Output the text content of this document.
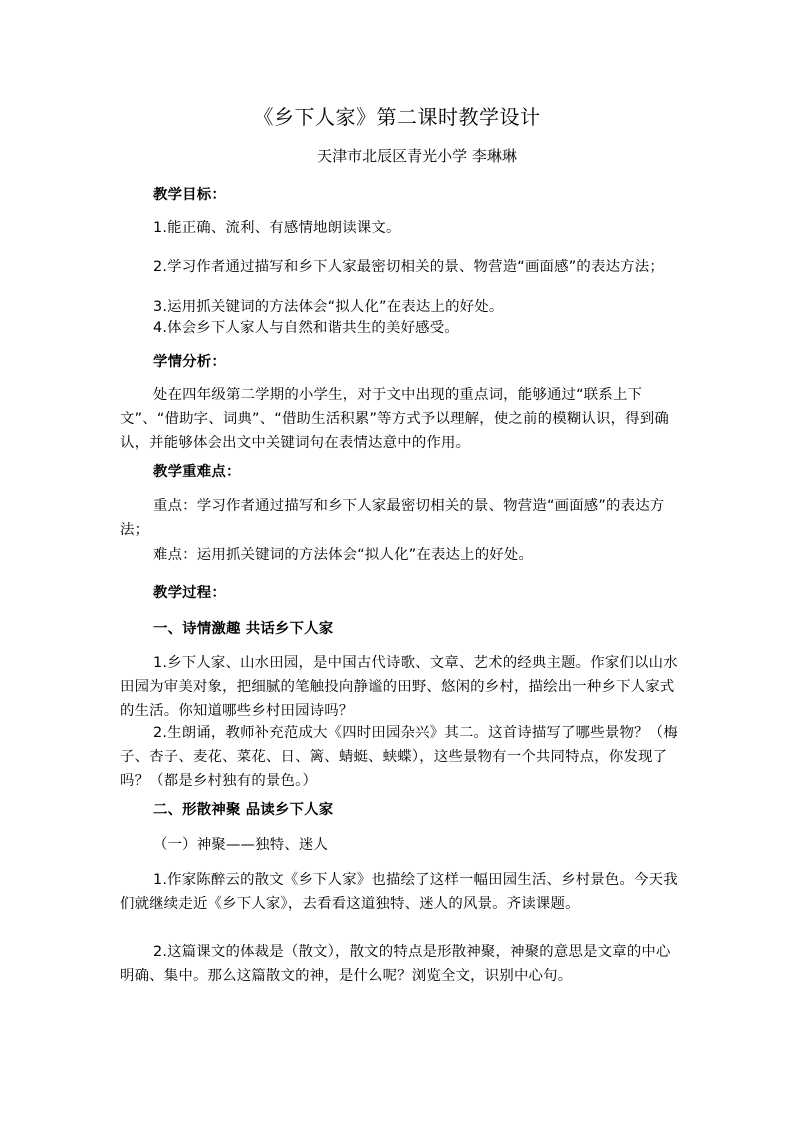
《乡下人家》第二课时教学设计
天津市北辰区青光小学 李琳琳
教学目标：
1.能正确、流利、有感情地朗读课文。
2.学习作者通过描写和乡下人家最密切相关的景、物营造“画面感”的表达方法；
3.运用抓关键词的方法体会“拟人化”在表达上的好处。
4.体会乡下人家人与自然和谐共生的美好感受。
学情分析：
处在四年级第二学期的小学生，对于文中出现的重点词，能够通过“联系上下文”、“借助字、词典”、“借助生活积累”等方式予以理解，使之前的模糊认识，得到确认，并能够体会出文中关键词句在表情达意中的作用。
教学重难点：
重点：学习作者通过描写和乡下人家最密切相关的景、物营造“画面感”的表达方法；
难点：运用抓关键词的方法体会“拟人化”在表达上的好处。
教学过程：
一、诗情激趣 共话乡下人家
1.乡下人家、山水田园，是中国古代诗歌、文章、艺术的经典主题。作家们以山水田园为审美对象，把细腻的笔触投向静谧的田野、悠闲的乡村，描绘出一种乡下人家式的生活。你知道哪些乡村田园诗吗？
2.生朗诵，教师补充范成大《四时田园杂兴》其二。这首诗描写了哪些景物？（梅子、杏子、麦花、菜花、日、篱、蜻蜓、蛱蝶），这些景物有一个共同特点，你发现了吗？（都是乡村独有的景色。）
二、形散神聚 品读乡下人家
（一）神聚——独特、迷人
1.作家陈醉云的散文《乡下人家》也描绘了这样一幅田园生活、乡村景色。今天我们就继续走近《乡下人家》，去看看这道独特、迷人的风景。齐读课题。
2.这篇课文的体裁是（散文），散文的特点是形散神聚，神聚的意思是文章的中心明确、集中。那么这篇散文的神，是什么呢？浏览全文，识别中心句。
